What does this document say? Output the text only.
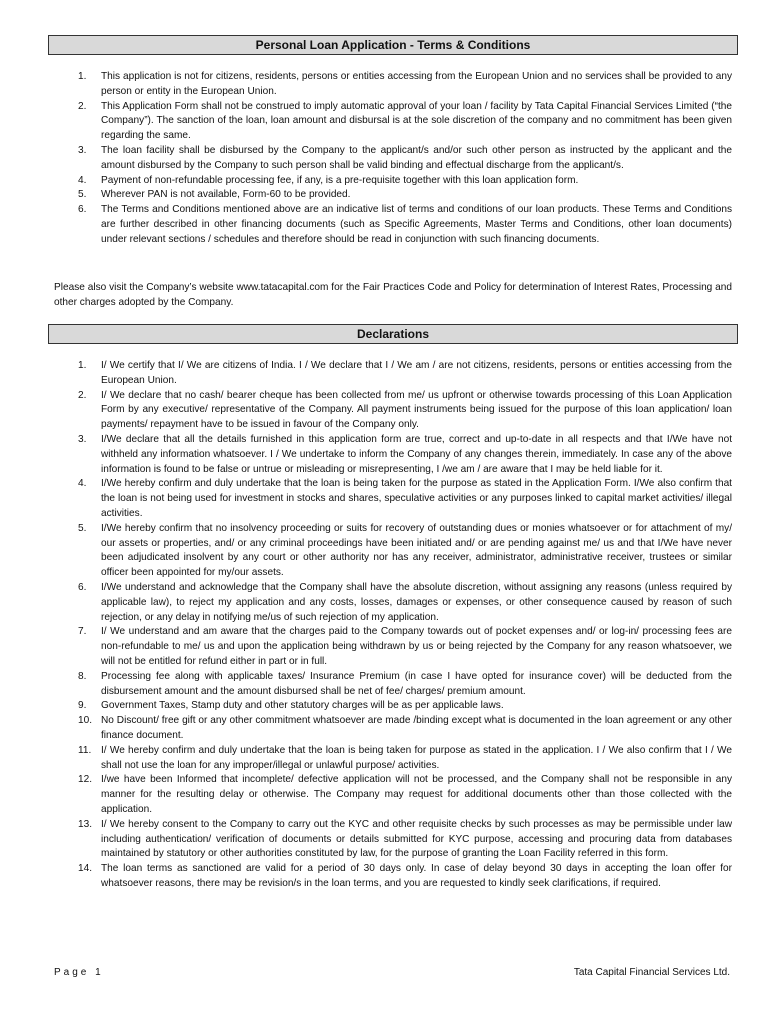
Personal Loan Application - Terms & Conditions
1. This application is not for citizens, residents, persons or entities accessing from the European Union and no services shall be provided to any person or entity in the European Union.
2. This Application Form shall not be construed to imply automatic approval of your loan / facility by Tata Capital Financial Services Limited (“the Company”). The sanction of the loan, loan amount and disbursal is at the sole discretion of the company and no commitment has been given regarding the same.
3. The loan facility shall be disbursed by the Company to the applicant/s and/or such other person as instructed by the applicant and the amount disbursed by the Company to such person shall be valid binding and effectual discharge from the applicant/s.
4. Payment of non-refundable processing fee, if any, is a pre-requisite together with this loan application form.
5. Wherever PAN is not available, Form-60 to be provided.
6. The Terms and Conditions mentioned above are an indicative list of terms and conditions of our loan products. These Terms and Conditions are further described in other financing documents (such as Specific Agreements, Master Terms and Conditions, other loan documents) under relevant sections / schedules and therefore should be read in conjunction with such financing documents.
Please also visit the Company’s website www.tatacapital.com for the Fair Practices Code and Policy for determination of Interest Rates, Processing and other charges adopted by the Company.
Declarations
1. I/ We certify that I/ We are citizens of India. I / We declare that I / We am / are not citizens, residents, persons or entities accessing from the European Union.
2. I/ We declare that no cash/ bearer cheque has been collected from me/ us upfront or otherwise towards processing of this Loan Application Form by any executive/ representative of the Company. All payment instruments being issued for the purpose of this loan application/ loan payments/ repayment have to be issued in favour of the Company only.
3. I/We declare that all the details furnished in this application form are true, correct and up-to-date in all respects and that I/We have not withheld any information whatsoever. I / We undertake to inform the Company of any changes therein, immediately. In case any of the above information is found to be false or untrue or misleading or misrepresenting, I /we am / are aware that I may be held liable for it.
4. I/We hereby confirm and duly undertake that the loan is being taken for the purpose as stated in the Application Form. I/We also confirm that the loan is not being used for investment in stocks and shares, speculative activities or any purposes linked to capital market activities/ illegal activities.
5. I/We hereby confirm that no insolvency proceeding or suits for recovery of outstanding dues or monies whatsoever or for attachment of my/ our assets or properties, and/ or any criminal proceedings have been initiated and/ or are pending against me/ us and that I/We have never been adjudicated insolvent by any court or other authority nor has any receiver, administrator, administrative receiver, trustees or similar officer been appointed for my/our assets.
6. I/We understand and acknowledge that the Company shall have the absolute discretion, without assigning any reasons (unless required by applicable law), to reject my application and any costs, losses, damages or expenses, or other consequence caused by reason of such rejection, or any delay in notifying me/us of such rejection of my application.
7. I/ We understand and am aware that the charges paid to the Company towards out of pocket expenses and/ or log-in/ processing fees are non-refundable to me/ us and upon the application being withdrawn by us or being rejected by the Company for any reason whatsoever, we will not be entitled for refund either in part or in full.
8. Processing fee along with applicable taxes/ Insurance Premium (in case I have opted for insurance cover) will be deducted from the disbursement amount and the amount disbursed shall be net of fee/ charges/ premium amount.
9. Government Taxes, Stamp duty and other statutory charges will be as per applicable laws.
10. No Discount/ free gift or any other commitment whatsoever are made /binding except what is documented in the loan agreement or any other finance document.
11. I/ We hereby confirm and duly undertake that the loan is being taken for purpose as stated in the application. I / We also confirm that I / We shall not use the loan for any improper/illegal or unlawful purpose/ activities.
12. I/we have been Informed that incomplete/ defective application will not be processed, and the Company shall not be responsible in any manner for the resulting delay or otherwise. The Company may request for additional documents other than those collected with the application.
13. I/ We hereby consent to the Company to carry out the KYC and other requisite checks by such processes as may be permissible under law including authentication/ verification of documents or details submitted for KYC purpose, accessing and procuring data from databases maintained by statutory or other authorities constituted by law, for the purpose of granting the Loan Facility referred in this form.
14. The loan terms as sanctioned are valid for a period of 30 days only. In case of delay beyond 30 days in accepting the loan offer for whatsoever reasons, there may be revision/s in the loan terms, and you are requested to kindly seek clarifications, if required.
Page 1	Tata Capital Financial Services Ltd.
